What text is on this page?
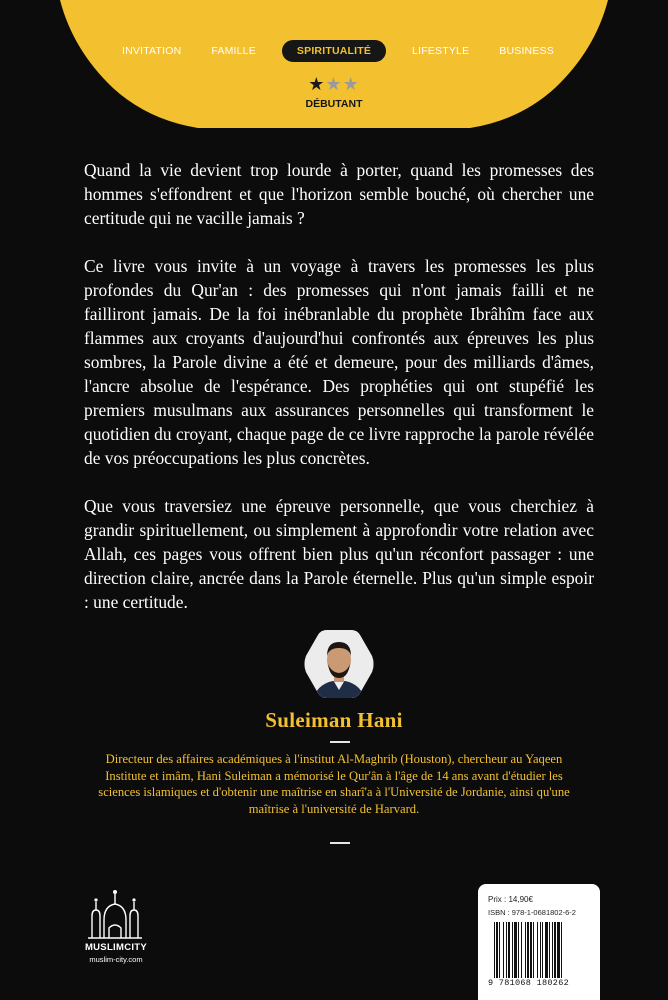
INVITATION	FAMILLE	SPIRITUALITÉ	LIFESTYLE	BUSINESS
★★★
DÉBUTANT

Quand la vie devient trop lourde à porter, quand les promesses des hommes s'effondrent et que l'horizon semble bouché, où chercher une certitude qui ne vacille jamais ?

Ce livre vous invite à un voyage à travers les promesses les plus profondes du Qur'an : des promesses qui n'ont jamais failli et ne failliront jamais. De la foi inébranlable du prophète Ibrâhîm face aux flammes aux croyants d'aujourd'hui confrontés aux épreuves les plus sombres, la Parole divine a été et demeure, pour des milliards d'âmes, l'ancre absolue de l'espérance. Des prophéties qui ont stupéfié les premiers musulmans aux assurances personnelles qui transforment le quotidien du croyant, chaque page de ce livre rapproche la parole révélée de vos préoccupations les plus concrètes.

Que vous traversiez une épreuve personnelle, que vous cherchiez à grandir spirituellement, ou simplement à approfondir votre relation avec Allah, ces pages vous offrent bien plus qu'un réconfort passager : une direction claire, ancrée dans la Parole éternelle. Plus qu'un simple espoir : une certitude.

Suleiman Hani
Directeur des affaires académiques à l'institut Al-Maghrib (Houston), chercheur au Yaqeen Institute et imâm, Hani Suleiman a mémorisé le Qur'ân à l'âge de 14 ans avant d'étudier les sciences islamiques et d'obtenir une maîtrise en sharî'a à l'Université de Jordanie, ainsi qu'une maîtrise à l'université de Harvard.
MUSLIMCITY
muslim-city.com
Prix : 14,90€
ISBN : 978-1-0681802-6-2
9 781068 180262
